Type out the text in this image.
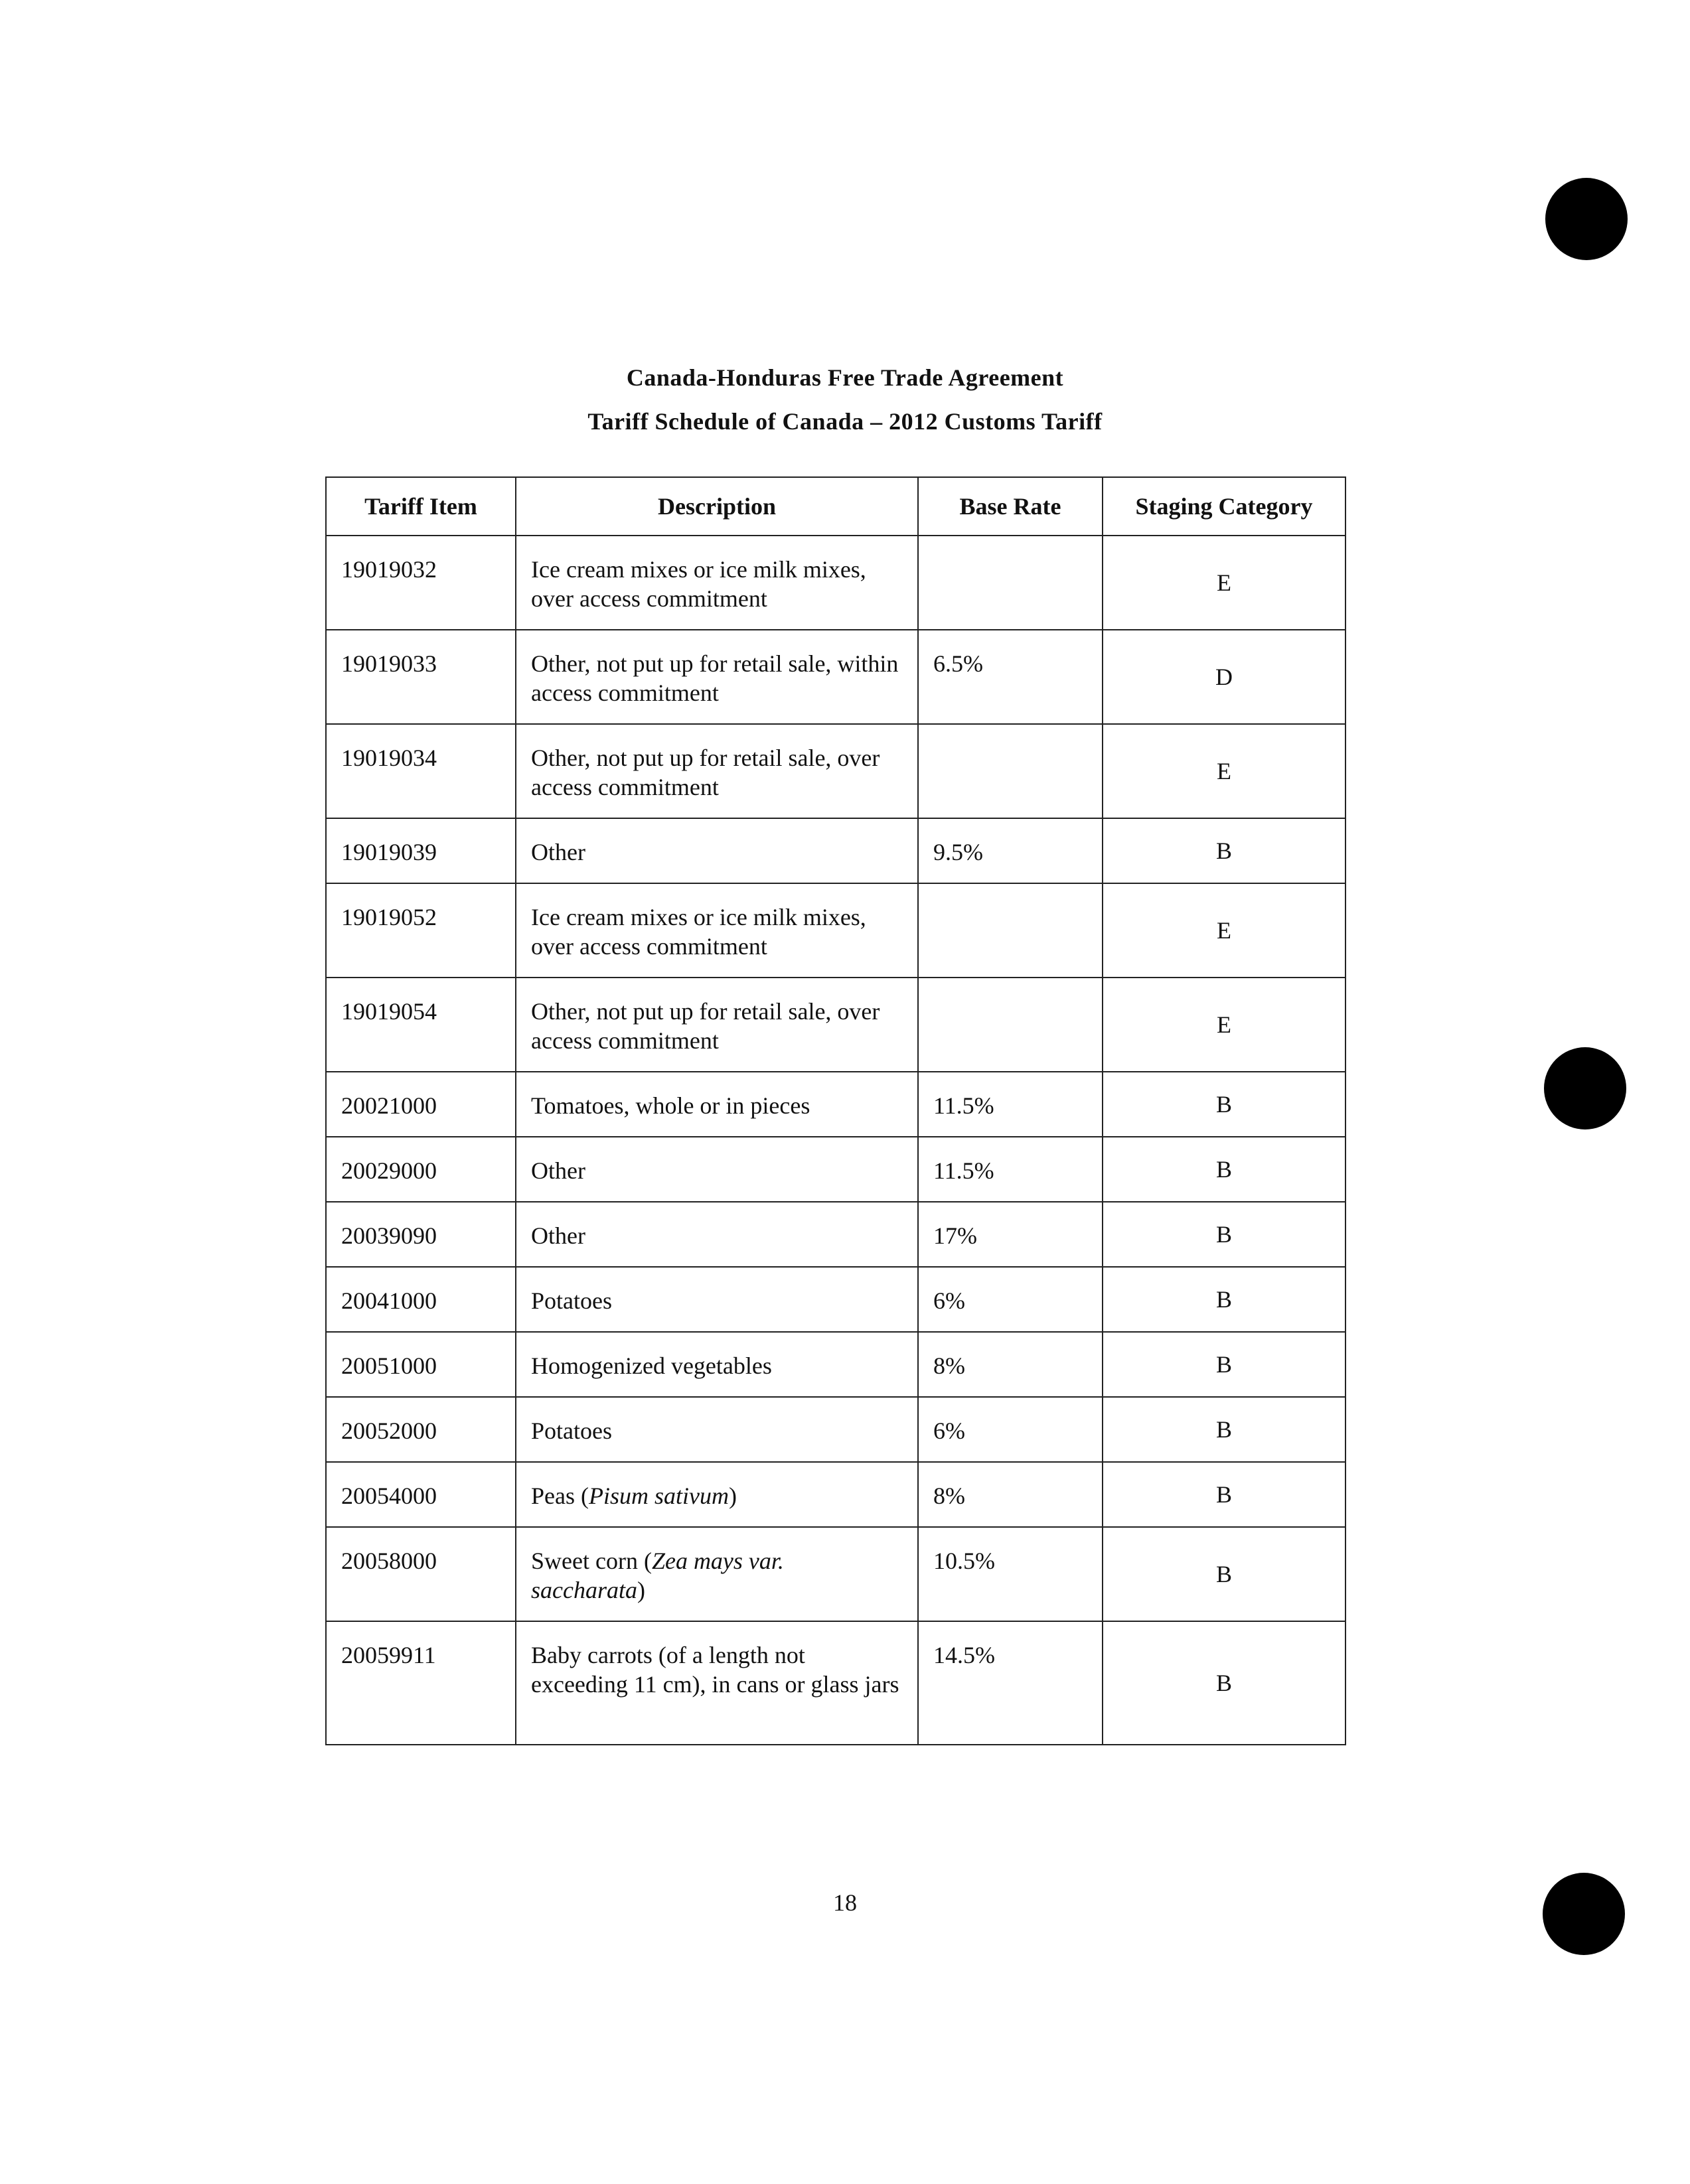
Canada-Honduras Free Trade Agreement
Tariff Schedule of Canada – 2012 Customs Tariff
Tariff Item	Description	Base Rate	Staging Category
19019032	Ice cream mixes or ice milk mixes, over access commitment		E
19019033	Other, not put up for retail sale, within access commitment	6.5%	D
19019034	Other, not put up for retail sale, over access commitment		E
19019039	Other	9.5%	B
19019052	Ice cream mixes or ice milk mixes, over access commitment		E
19019054	Other, not put up for retail sale, over access commitment		E
20021000	Tomatoes, whole or in pieces	11.5%	B
20029000	Other	11.5%	B
20039090	Other	17%	B
20041000	Potatoes	6%	B
20051000	Homogenized vegetables	8%	B
20052000	Potatoes	6%	B
20054000	Peas (Pisum sativum)	8%	B
20058000	Sweet corn (Zea mays var. saccharata)	10.5%	B
20059911	Baby carrots (of a length not exceeding 11 cm), in cans or glass jars	14.5%	B
18
